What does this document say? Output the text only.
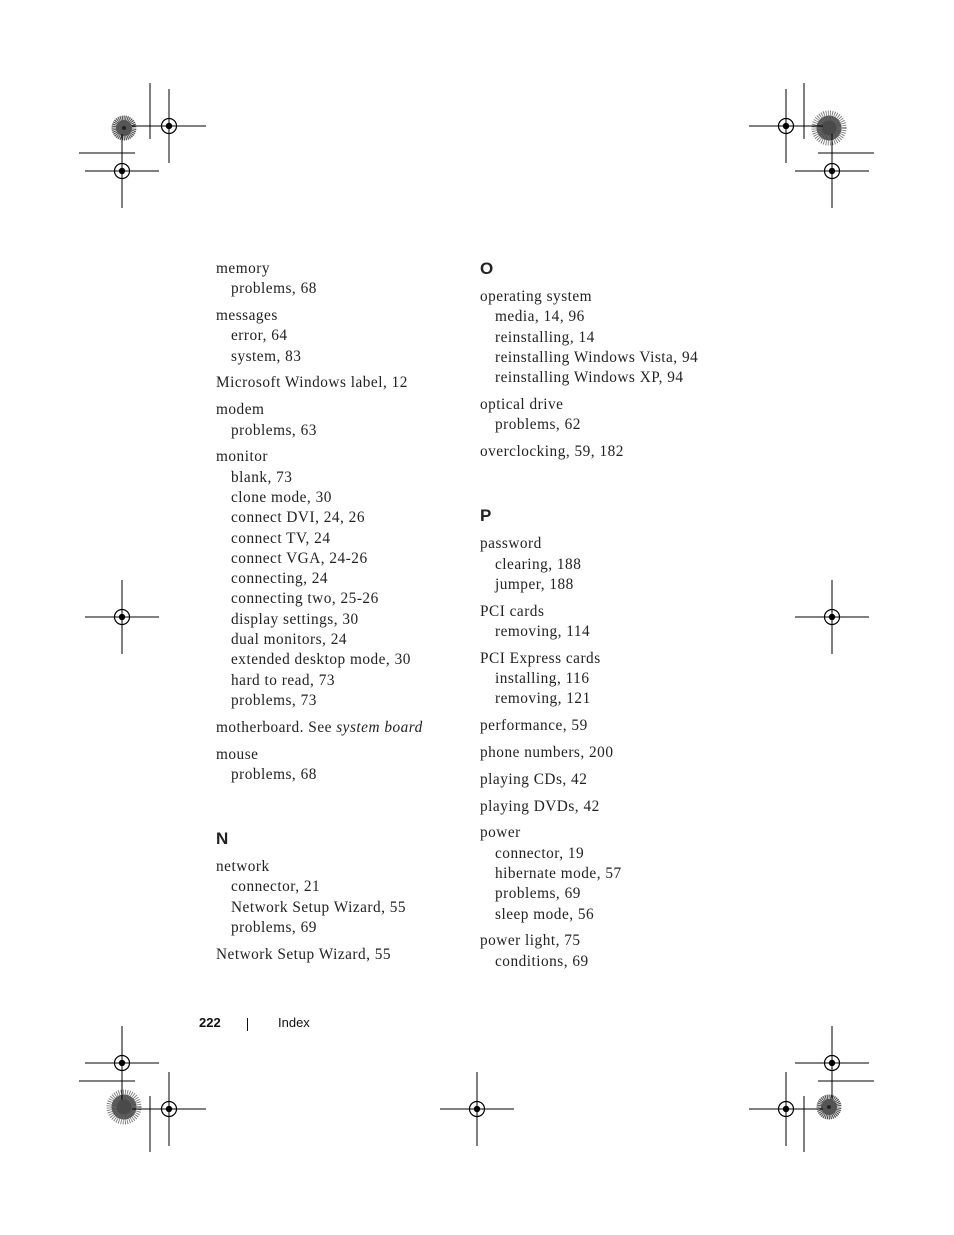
memory
problems, 68
messages
error, 64
system, 83
Microsoft Windows label, 12
modem
problems, 63
monitor
blank, 73
clone mode, 30
connect DVI, 24, 26
connect TV, 24
connect VGA, 24-26
connecting, 24
connecting two, 25-26
display settings, 30
dual monitors, 24
extended desktop mode, 30
hard to read, 73
problems, 73
motherboard. See system board
mouse
problems, 68
N
network
connector, 21
Network Setup Wizard, 55
problems, 69
Network Setup Wizard, 55
O
operating system
media, 14, 96
reinstalling, 14
reinstalling Windows Vista, 94
reinstalling Windows XP, 94
optical drive
problems, 62
overclocking, 59, 182
P
password
clearing, 188
jumper, 188
PCI cards
removing, 114
PCI Express cards
installing, 116
removing, 121
performance, 59
phone numbers, 200
playing CDs, 42
playing DVDs, 42
power
connector, 19
hibernate mode, 57
problems, 69
sleep mode, 56
power light, 75
conditions, 69
222	Index
